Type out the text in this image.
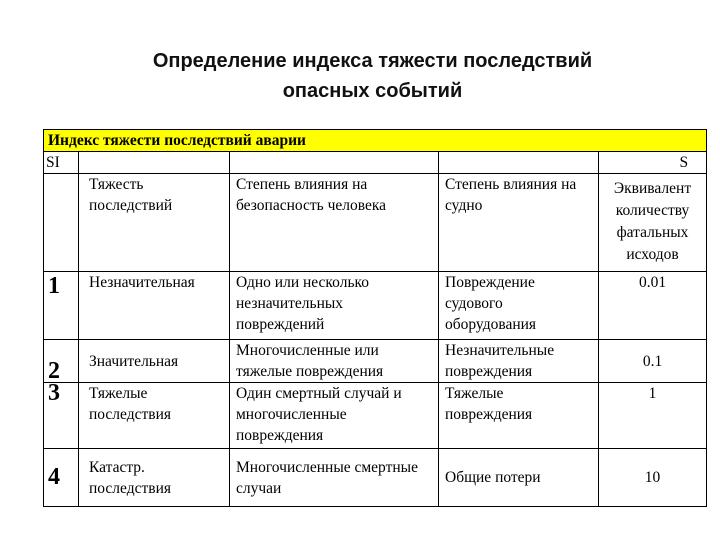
Определение индекса тяжести последствий
опасных событий
Индекс тяжести последствий аварии				
SI				S
	Тяжесть последствий	Степень влияния на безопасность человека	Степень влияния на судно	Эквивалент количеству фатальных исходов
1	Незначительная	Одно или несколько незначительных повреждений	Повреждение судового оборудования	0.01
2	Значительная	Многочисленные или тяжелые повреждения	Незначительные повреждения	0.1
3	Тяжелые последствия	Один смертный случай и многочисленные повреждения	Тяжелые повреждения	1
4	Катастр. последствия	Многочисленные смертные случаи	Общие потери	10
